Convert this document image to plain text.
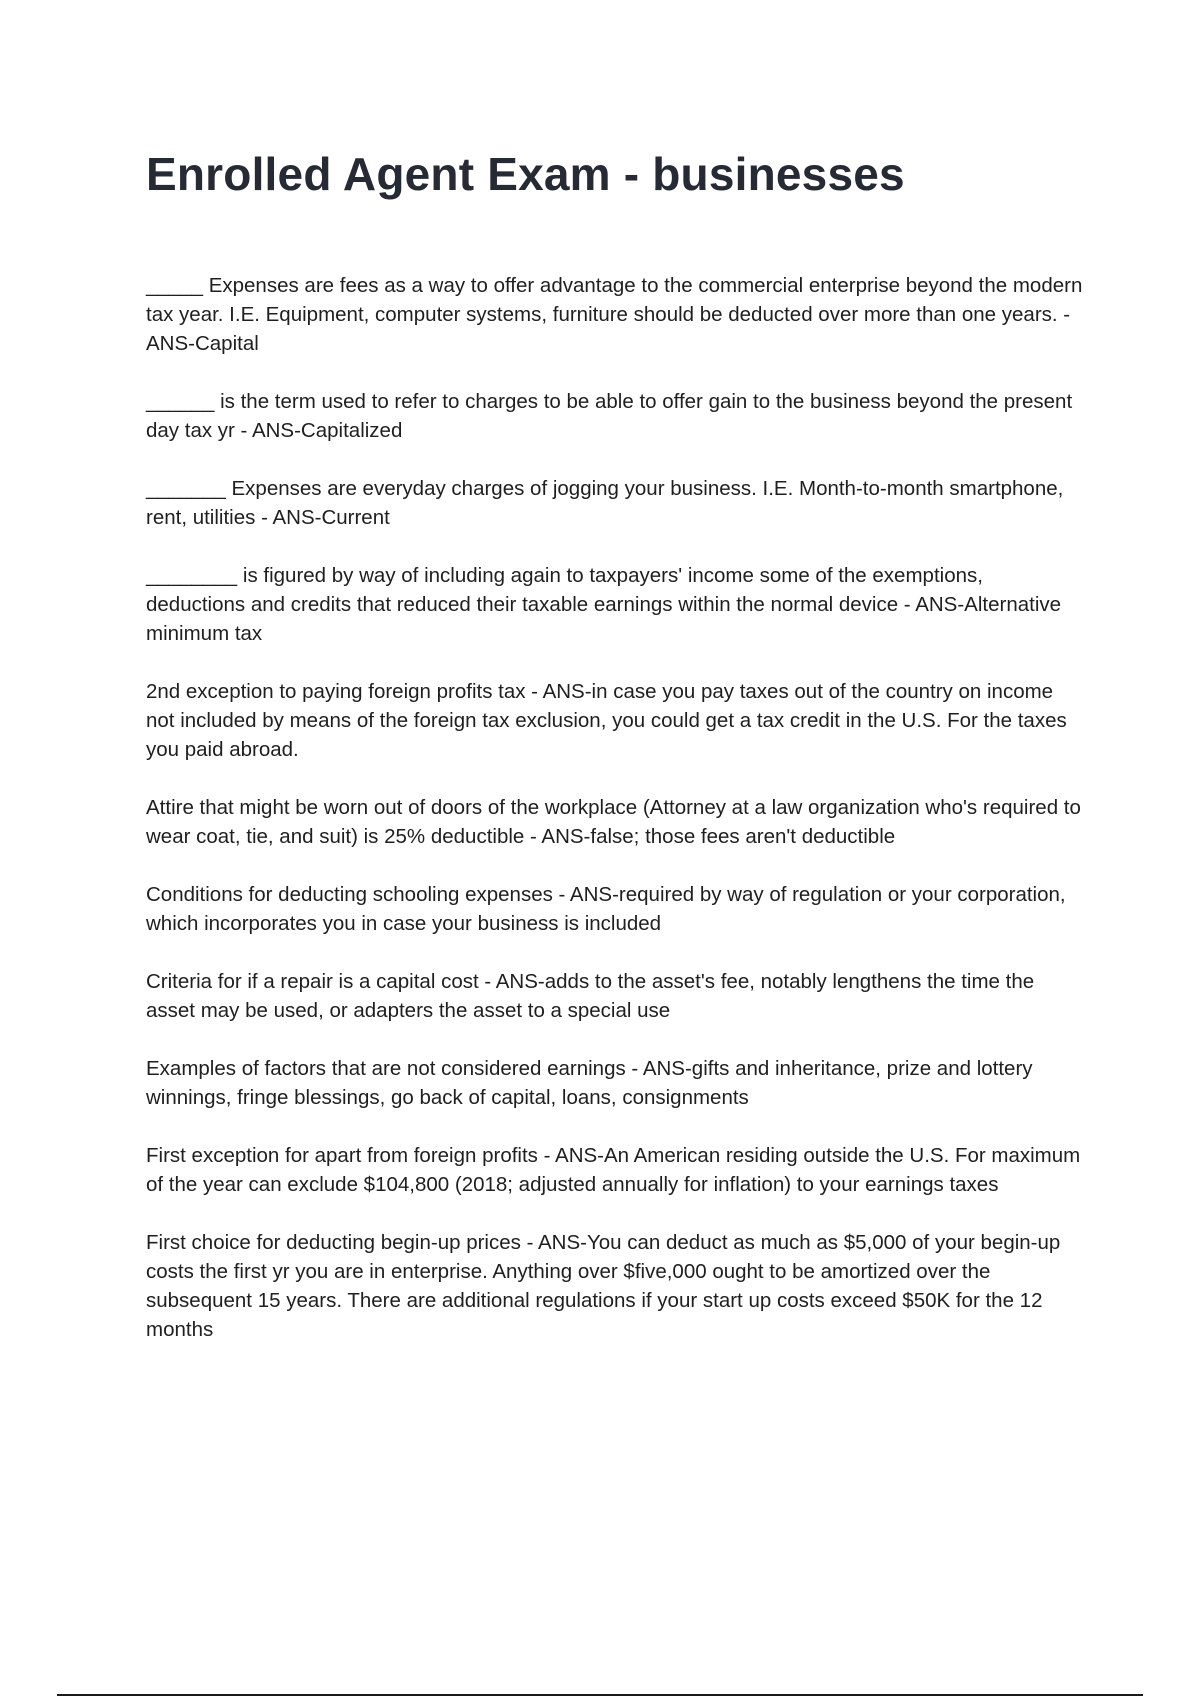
Enrolled Agent Exam - businesses
_____ Expenses are fees as a way to offer advantage to the commercial enterprise beyond the modern tax year. I.E. Equipment, computer systems, furniture should be deducted over more than one years. - ANS-Capital
______ is the term used to refer to charges to be able to offer gain to the business beyond the present day tax yr - ANS-Capitalized
_______ Expenses are everyday charges of jogging your business. I.E. Month-to-month smartphone, rent, utilities - ANS-Current
________ is figured by way of including again to taxpayers' income some of the exemptions, deductions and credits that reduced their taxable earnings within the normal device - ANS-Alternative minimum tax
2nd exception to paying foreign profits tax - ANS-in case you pay taxes out of the country on income not included by means of the foreign tax exclusion, you could get a tax credit in the U.S. For the taxes you paid abroad.
Attire that might be worn out of doors of the workplace (Attorney at a law organization who's required to wear coat, tie, and suit) is 25% deductible - ANS-false; those fees aren't deductible
Conditions for deducting schooling expenses - ANS-required by way of regulation or your corporation, which incorporates you in case your business is included
Criteria for if a repair is a capital cost - ANS-adds to the asset's fee, notably lengthens the time the asset may be used, or adapters the asset to a special use
Examples of factors that are not considered earnings - ANS-gifts and inheritance, prize and lottery winnings, fringe blessings, go back of capital, loans, consignments
First exception for apart from foreign profits - ANS-An American residing outside the U.S. For maximum of the year can exclude $104,800 (2018; adjusted annually for inflation) to your earnings taxes
First choice for deducting begin-up prices - ANS-You can deduct as much as $5,000 of your begin-up costs the first yr you are in enterprise. Anything over $five,000 ought to be amortized over the subsequent 15 years. There are additional regulations if your start up costs exceed $50K for the 12 months
